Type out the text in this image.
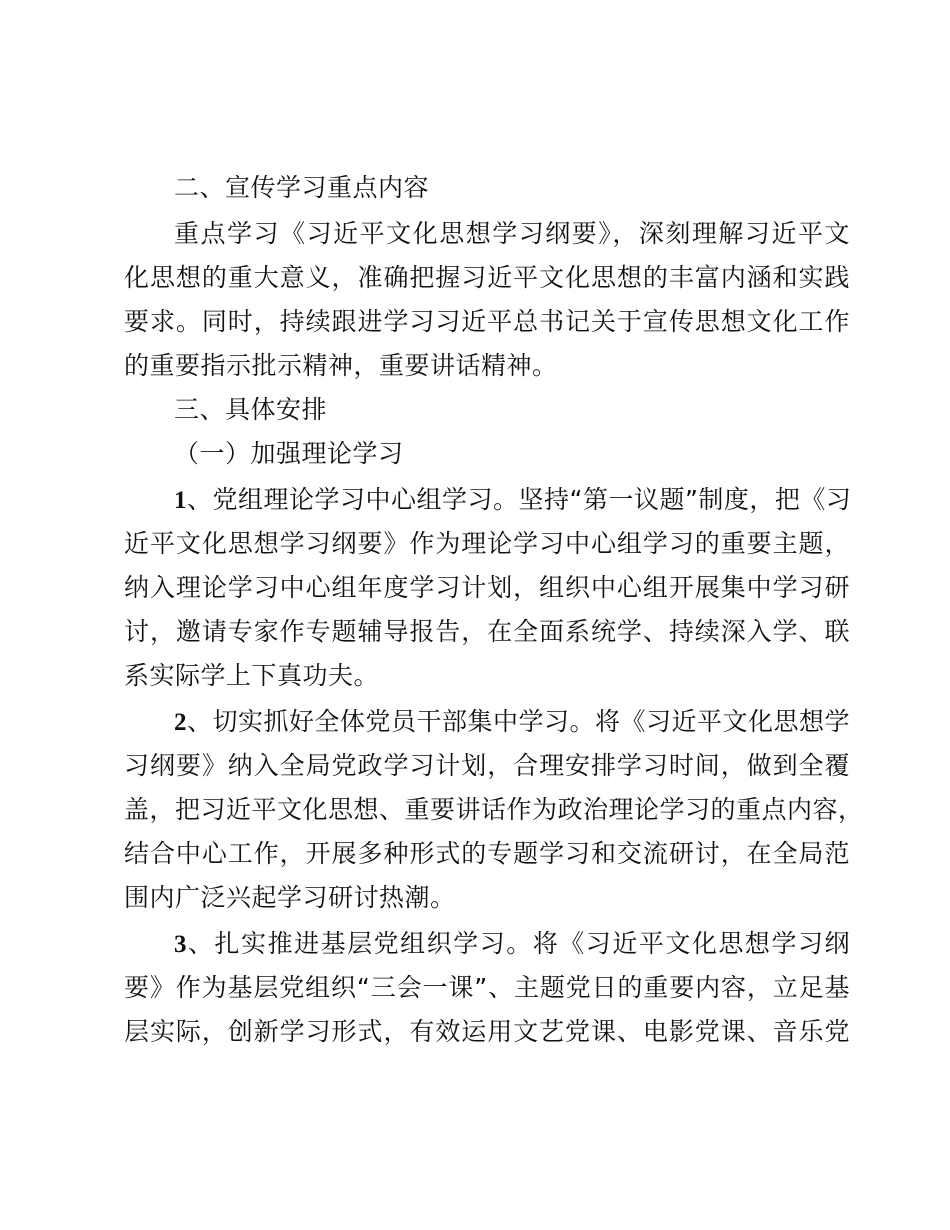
二、宣传学习重点内容
重点学习《习近平文化思想学习纲要》，深刻理解习近平文
化思想的重大意义，准确把握习近平文化思想的丰富内涵和实践
要求。同时，持续跟进学习习近平总书记关于宣传思想文化工作
的重要指示批示精神，重要讲话精神。
三、具体安排
（一）加强理论学习
1、党组理论学习中心组学习。坚持“第一议题”制度，把《习
近平文化思想学习纲要》作为理论学习中心组学习的重要主题，
纳入理论学习中心组年度学习计划，组织中心组开展集中学习研
讨，邀请专家作专题辅导报告，在全面系统学、持续深入学、联
系实际学上下真功夫。
2、切实抓好全体党员干部集中学习。将《习近平文化思想学
习纲要》纳入全局党政学习计划，合理安排学习时间，做到全覆
盖，把习近平文化思想、重要讲话作为政治理论学习的重点内容，
结合中心工作，开展多种形式的专题学习和交流研讨，在全局范
围内广泛兴起学习研讨热潮。
3、扎实推进基层党组织学习。将《习近平文化思想学习纲
要》作为基层党组织“三会一课”、主题党日的重要内容，立足基
层实际，创新学习形式，有效运用文艺党课、电影党课、音乐党
